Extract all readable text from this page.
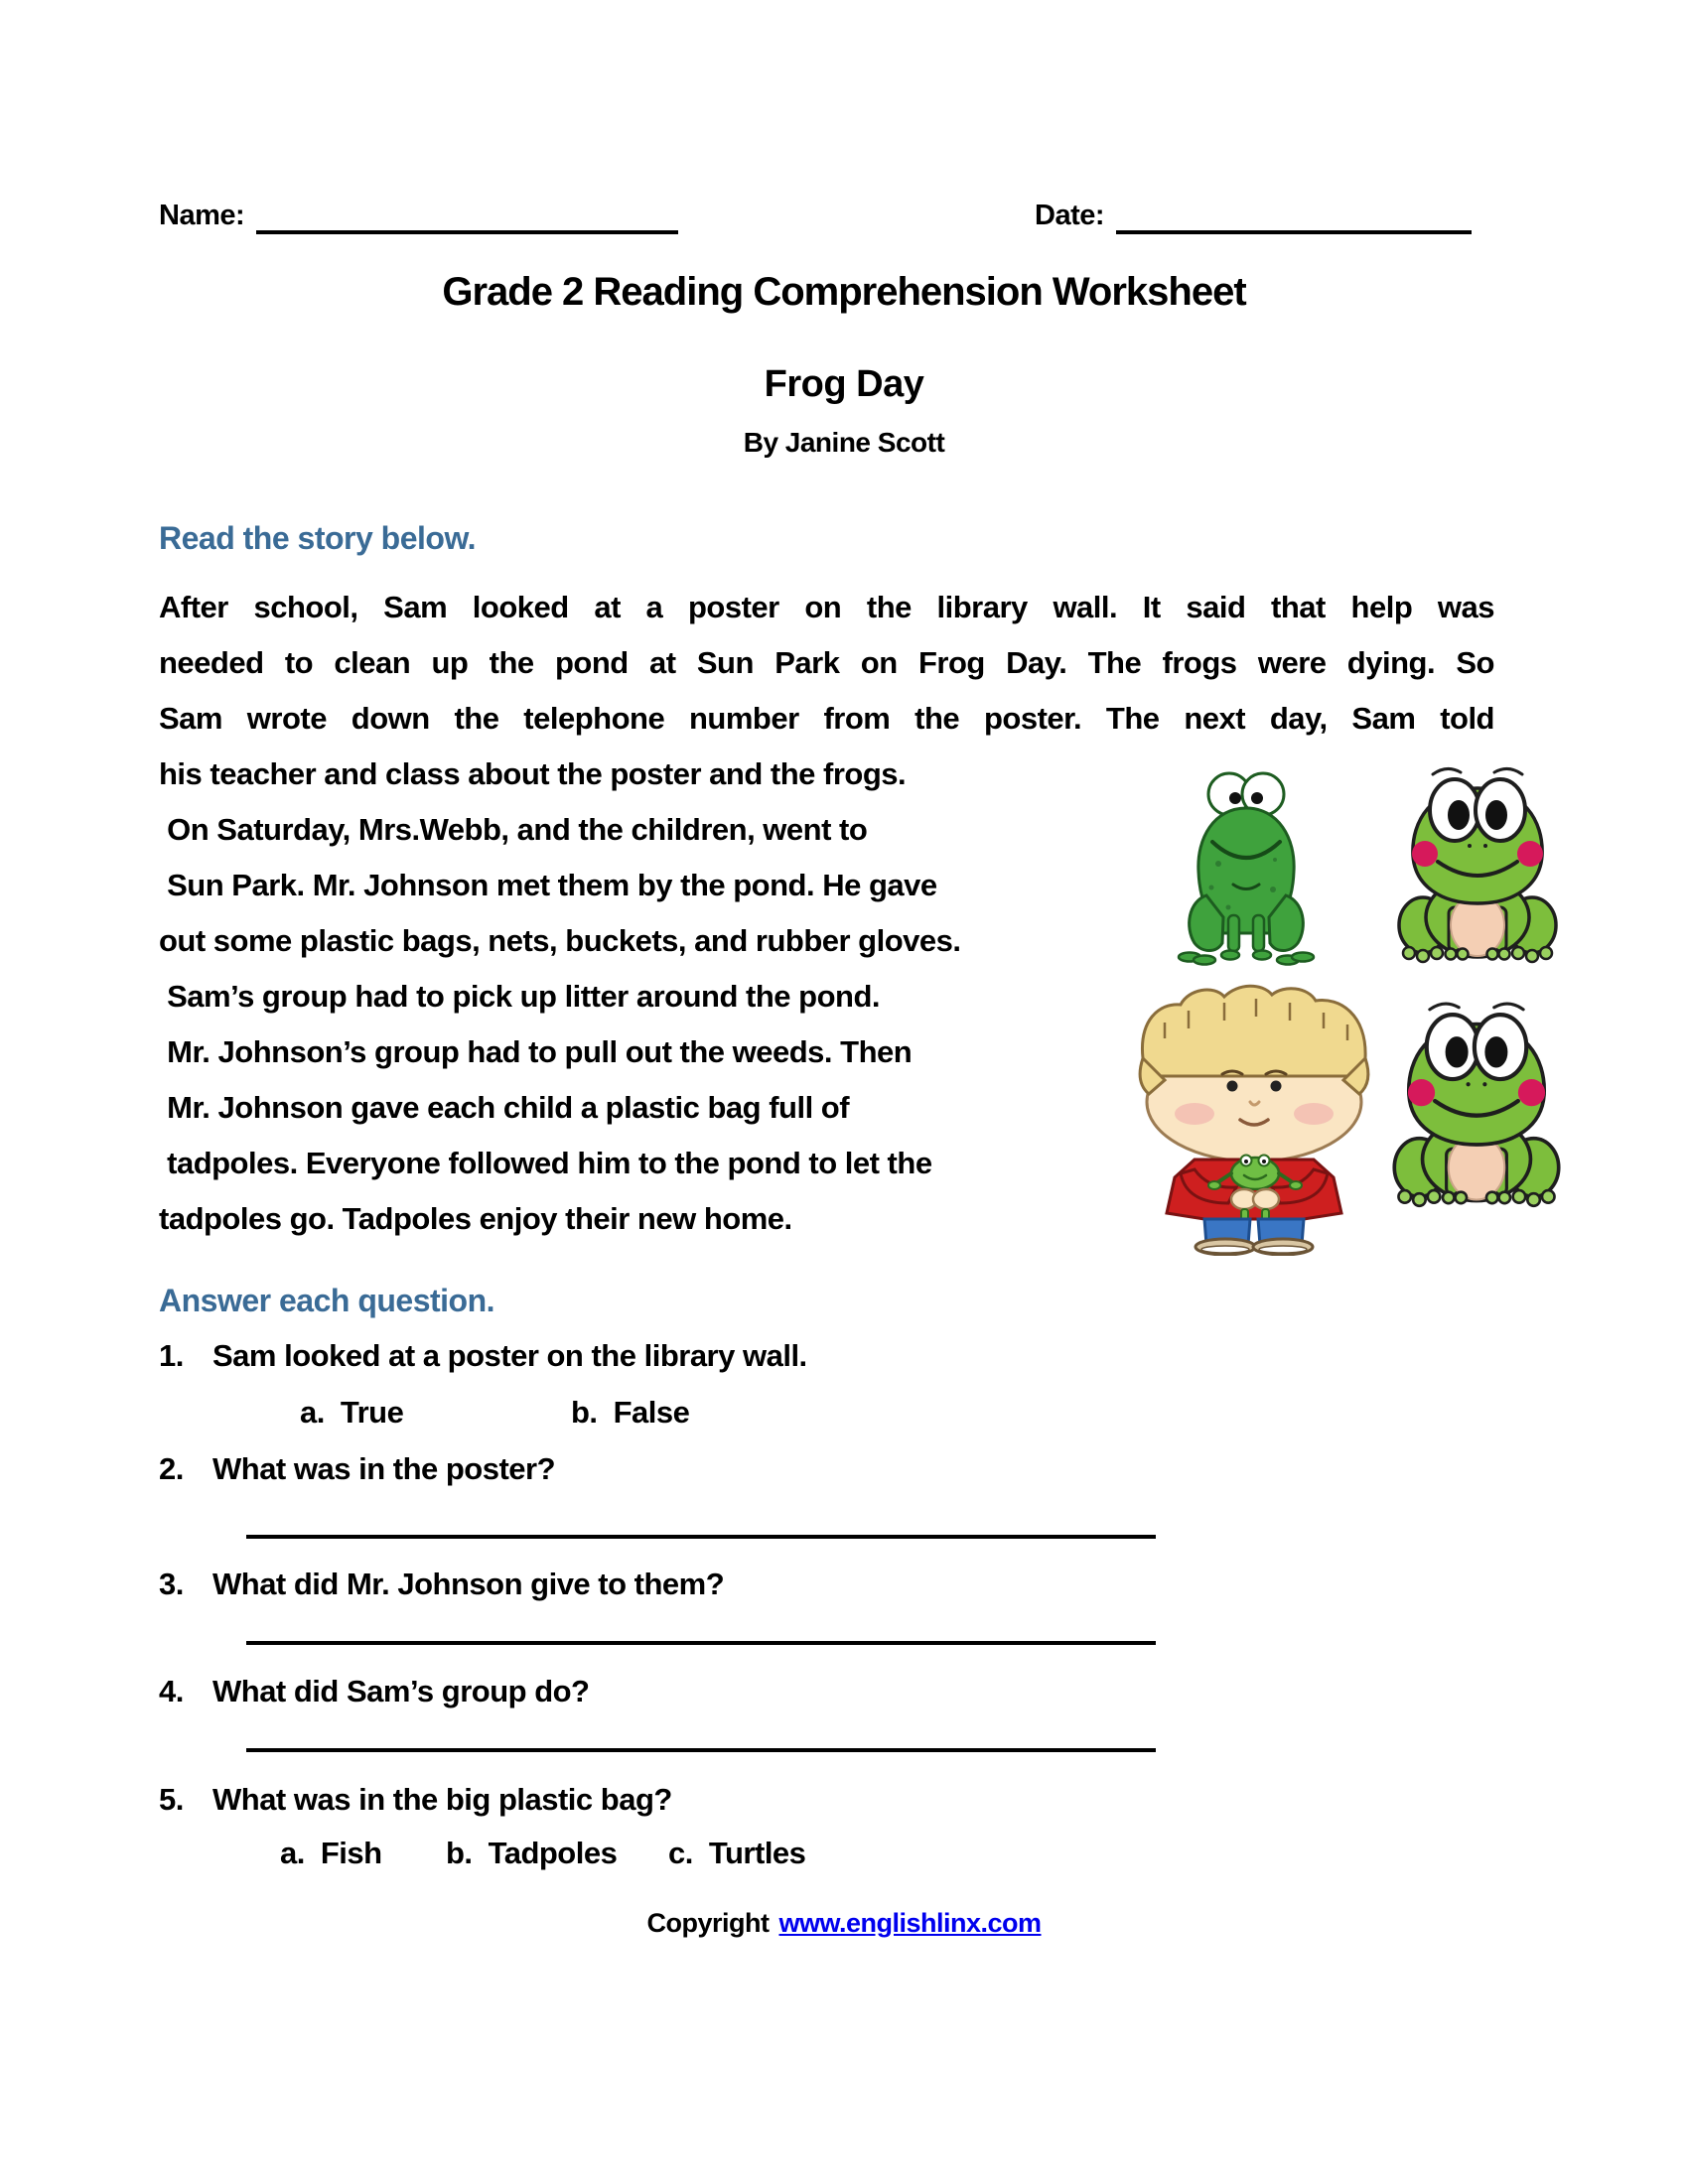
Name:	Date:
Grade 2 Reading Comprehension Worksheet
Frog Day
By Janine Scott
Read the story below.
After school, Sam looked at a poster on the library wall. It said that help was
needed to clean up the pond at Sun Park on Frog Day. The frogs were dying. So
Sam wrote down the telephone number from the poster. The next day, Sam told
his teacher and class about the poster and the frogs.
On Saturday, Mrs.Webb, and the children, went to
Sun Park. Mr. Johnson met them by the pond. He gave
out some plastic bags, nets, buckets, and rubber gloves.
Sam’s group had to pick up litter around the pond.
Mr. Johnson’s group had to pull out the weeds. Then
Mr. Johnson gave each child a plastic bag full of
tadpoles. Everyone followed him to the pond to let the
tadpoles go. Tadpoles enjoy their new home.
Answer each question.
1. Sam looked at a poster on the library wall.
a. True	b. False
2. What was in the poster?
3. What did Mr. Johnson give to them?
4. What did Sam’s group do?
5. What was in the big plastic bag?
a. Fish b. Tadpoles c. Turtles
Copyright www.englishlinx.com
